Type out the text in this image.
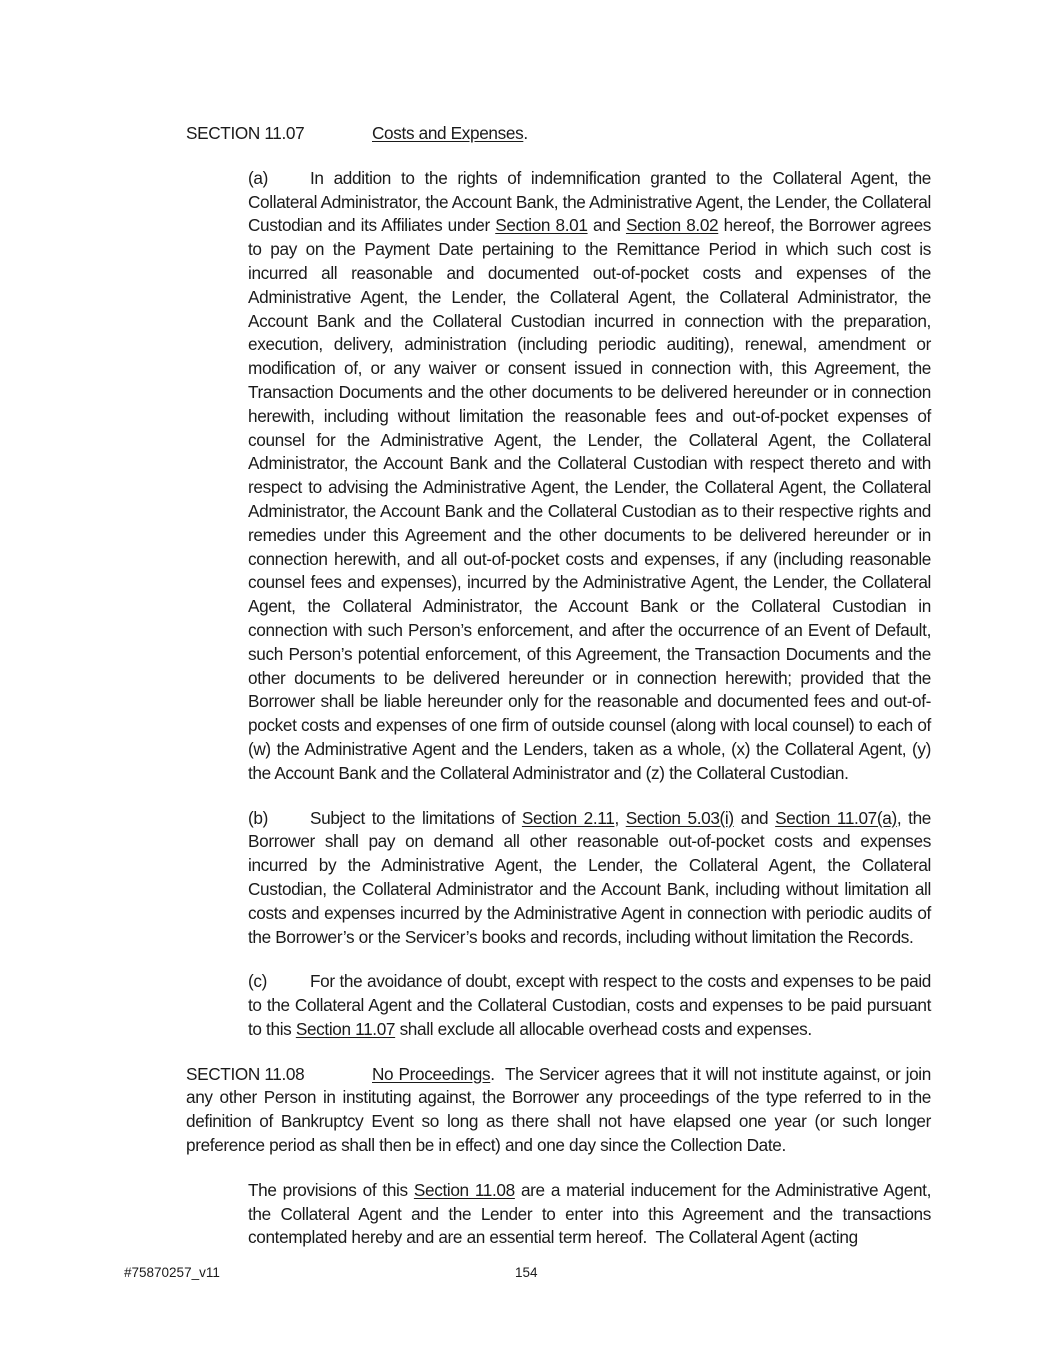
SECTION 11.07	Costs and Expenses.

(a) In addition to the rights of indemnification granted to the Collateral Agent, the Collateral Administrator, the Account Bank, the Administrative Agent, the Lender, the Collateral Custodian and its Affiliates under Section 8.01 and Section 8.02 hereof, the Borrower agrees to pay on the Payment Date pertaining to the Remittance Period in which such cost is incurred all reasonable and documented out-of-pocket costs and expenses of the Administrative Agent, the Lender, the Collateral Agent, the Collateral Administrator, the Account Bank and the Collateral Custodian incurred in connection with the preparation, execution, delivery, administration (including periodic auditing), renewal, amendment or modification of, or any waiver or consent issued in connection with, this Agreement, the Transaction Documents and the other documents to be delivered hereunder or in connection herewith, including without limitation the reasonable fees and out-of-pocket expenses of counsel for the Administrative Agent, the Lender, the Collateral Agent, the Collateral Administrator, the Account Bank and the Collateral Custodian with respect thereto and with respect to advising the Administrative Agent, the Lender, the Collateral Agent, the Collateral Administrator, the Account Bank and the Collateral Custodian as to their respective rights and remedies under this Agreement and the other documents to be delivered hereunder or in connection herewith, and all out-of-pocket costs and expenses, if any (including reasonable counsel fees and expenses), incurred by the Administrative Agent, the Lender, the Collateral Agent, the Collateral Administrator, the Account Bank or the Collateral Custodian in connection with such Person’s enforcement, and after the occurrence of an Event of Default, such Person’s potential enforcement, of this Agreement, the Transaction Documents and the other documents to be delivered hereunder or in connection herewith; provided that the Borrower shall be liable hereunder only for the reasonable and documented fees and out-of-pocket costs and expenses of one firm of outside counsel (along with local counsel) to each of (w) the Administrative Agent and the Lenders, taken as a whole, (x) the Collateral Agent, (y) the Account Bank and the Collateral Administrator and (z) the Collateral Custodian.

(b) Subject to the limitations of Section 2.11, Section 5.03(i) and Section 11.07(a), the Borrower shall pay on demand all other reasonable out-of-pocket costs and expenses incurred by the Administrative Agent, the Lender, the Collateral Agent, the Collateral Custodian, the Collateral Administrator and the Account Bank, including without limitation all costs and expenses incurred by the Administrative Agent in connection with periodic audits of the Borrower’s or the Servicer’s books and records, including without limitation the Records.

(c)	For the avoidance of doubt, except with respect to the costs and expenses to be paid to the Collateral Agent and the Collateral Custodian, costs and expenses to be paid pursuant to this Section 11.07 shall exclude all allocable overhead costs and expenses.

SECTION 11.08	No Proceedings.  The Servicer agrees that it will not institute against, or join any other Person in instituting against, the Borrower any proceedings of the type referred to in the definition of Bankruptcy Event so long as there shall not have elapsed one year (or such longer preference period as shall then be in effect) and one day since the Collection Date.

The provisions of this Section 11.08 are a material inducement for the Administrative Agent, the Collateral Agent and the Lender to enter into this Agreement and the transactions contemplated hereby and are an essential term hereof.  The Collateral Agent (acting

#75870257_v11	154
